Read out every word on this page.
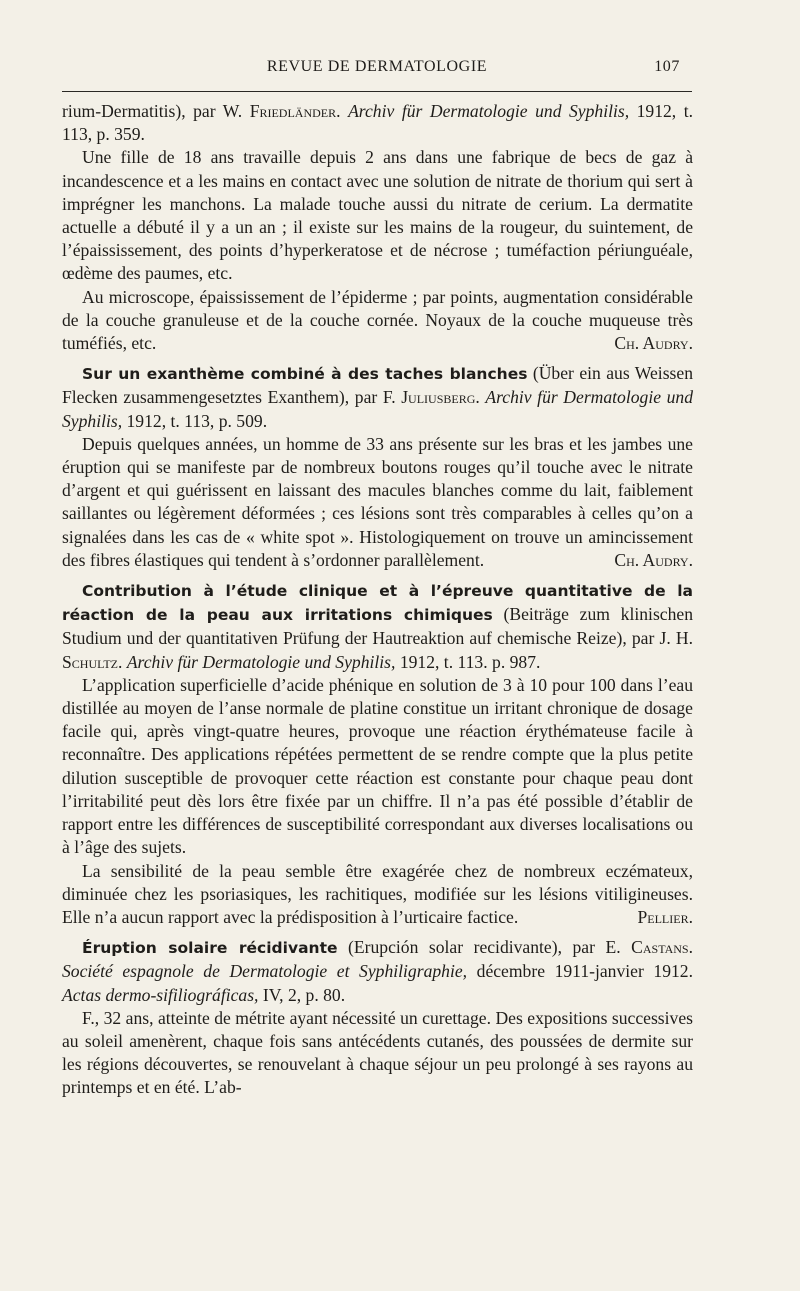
REVUE DE DERMATOLOGIE	107

rium-Dermatitis), par W. Friedländer. Archiv für Dermatologie und Syphilis, 1912, t. 113, p. 359.

Une fille de 18 ans travaille depuis 2 ans dans une fabrique de becs de gaz à incandescence et a les mains en contact avec une solution de nitrate de thorium qui sert à imprégner les manchons. La malade touche aussi du nitrate de cerium. La dermatite actuelle a débuté il y a un an ; il existe sur les mains de la rougeur, du suintement, de l’épaississement, des points d’hyperkeratose et de nécrose ; tuméfaction périunguéale, œdème des paumes, etc.

Au microscope, épaississement de l’épiderme ; par points, augmentation considérable de la couche granuleuse et de la couche cornée. Noyaux de la couche muqueuse très tuméfiés, etc.	Ch. Audry.

Sur un exanthème combiné à des taches blanches (Über ein aus Weissen Flecken zusammengesetztes Exanthem), par F. Juliusberg. Archiv für Dermatologie und Syphilis, 1912, t. 113, p. 509.

Depuis quelques années, un homme de 33 ans présente sur les bras et les jambes une éruption qui se manifeste par de nombreux boutons rouges qu’il touche avec le nitrate d’argent et qui guérissent en laissant des macules blanches comme du lait, faiblement saillantes ou légèrement déformées ; ces lésions sont très comparables à celles qu’on a signalées dans les cas de « white spot ». Histologiquement on trouve un amincissement des fibres élastiques qui tendent à s’ordonner parallèlement.	Ch. Audry.

Contribution à l’étude clinique et à l’épreuve quantitative de la réaction de la peau aux irritations chimiques (Beiträge zum klinischen Studium und der quantitativen Prüfung der Hautreaktion auf chemische Reize), par J. H. Schultz. Archiv für Dermatologie und Syphilis, 1912, t. 113. p. 987.

L’application superficielle d’acide phénique en solution de 3 à 10 pour 100 dans l’eau distillée au moyen de l’anse normale de platine constitue un irritant chronique de dosage facile qui, après vingt-quatre heures, provoque une réaction érythémateuse facile à reconnaître. Des applications répétées permettent de se rendre compte que la plus petite dilution susceptible de provoquer cette réaction est constante pour chaque peau dont l’irritabilité peut dès lors être fixée par un chiffre. Il n’a pas été possible d’établir de rapport entre les différences de susceptibilité correspondant aux diverses localisations ou à l’âge des sujets.

La sensibilité de la peau semble être exagérée chez de nombreux eczémateux, diminuée chez les psoriasiques, les rachitiques, modifiée sur les lésions vitiligineuses. Elle n’a aucun rapport avec la prédisposition à l’urticaire factice.	Pellier.

Éruption solaire récidivante (Erupción solar recidivante), par E. Castans. Société espagnole de Dermatologie et Syphiligraphie, décembre 1911-janvier 1912. Actas dermo-sifiliográficas, IV, 2, p. 80.

F., 32 ans, atteinte de métrite ayant nécessité un curettage. Des expositions successives au soleil amenèrent, chaque fois sans antécédents cutanés, des poussées de dermite sur les régions découvertes, se renouvelant à chaque séjour un peu prolongé à ses rayons au printemps et en été. L’ab-
